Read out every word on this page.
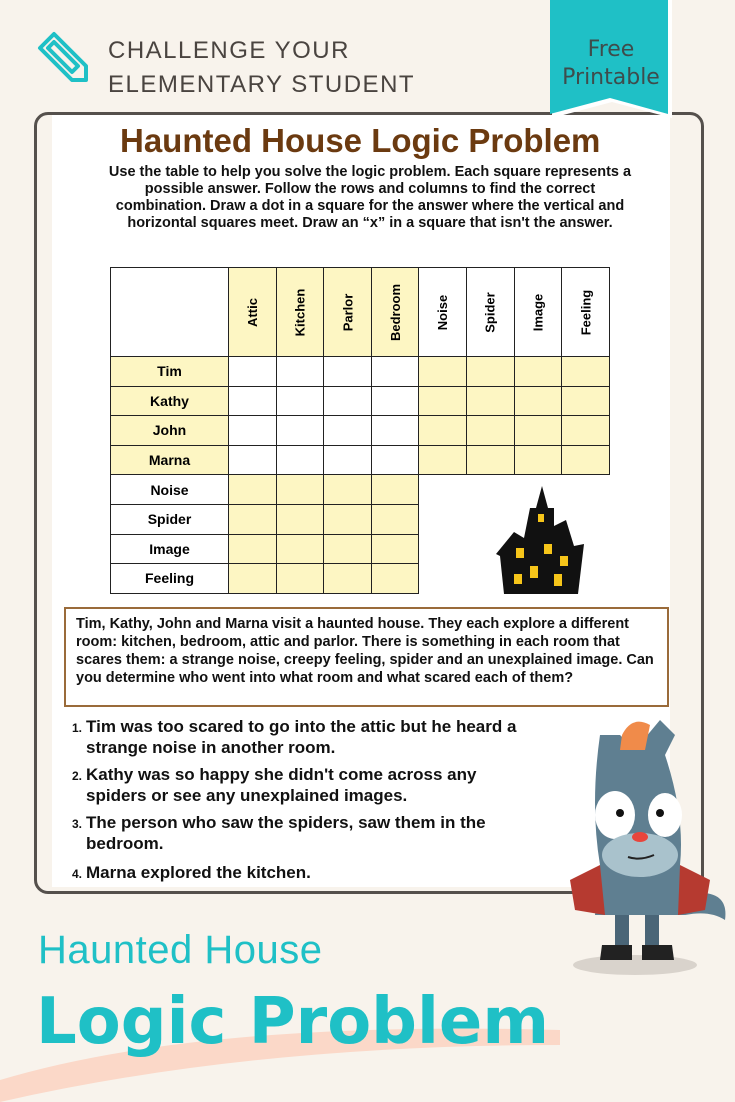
CHALLENGE YOUR
ELEMENTARY STUDENT
Haunted House Logic Problem
Use the table to help you solve the logic problem. Each square represents a possible answer. Follow the rows and columns to find the correct combination. Draw a dot in a square for the answer where the vertical and horizontal squares meet. Draw an “x” in a square that isn't the answer.
Attic	Kitchen	Parlor	Bedroom	Noise	Spider	Image	Feeling
Tim
Kathy
John
Marna
Noise
Spider
Image
Feeling
Tim, Kathy, John and Marna visit a haunted house. They each explore a different room: kitchen, bedroom, attic and parlor. There is something in each room that scares them: a strange noise, creepy feeling, spider and an unexplained image. Can you determine who went into what room and what scared each of them?
1. Tim was too scared to go into the attic but he heard a strange noise in another room.
2. Kathy was so happy she didn't come across any spiders or see any unexplained images.
3. The person who saw the spiders, saw them in the bedroom.
4. Marna explored the kitchen.
Free
Printable
Haunted House
Logic Problem
